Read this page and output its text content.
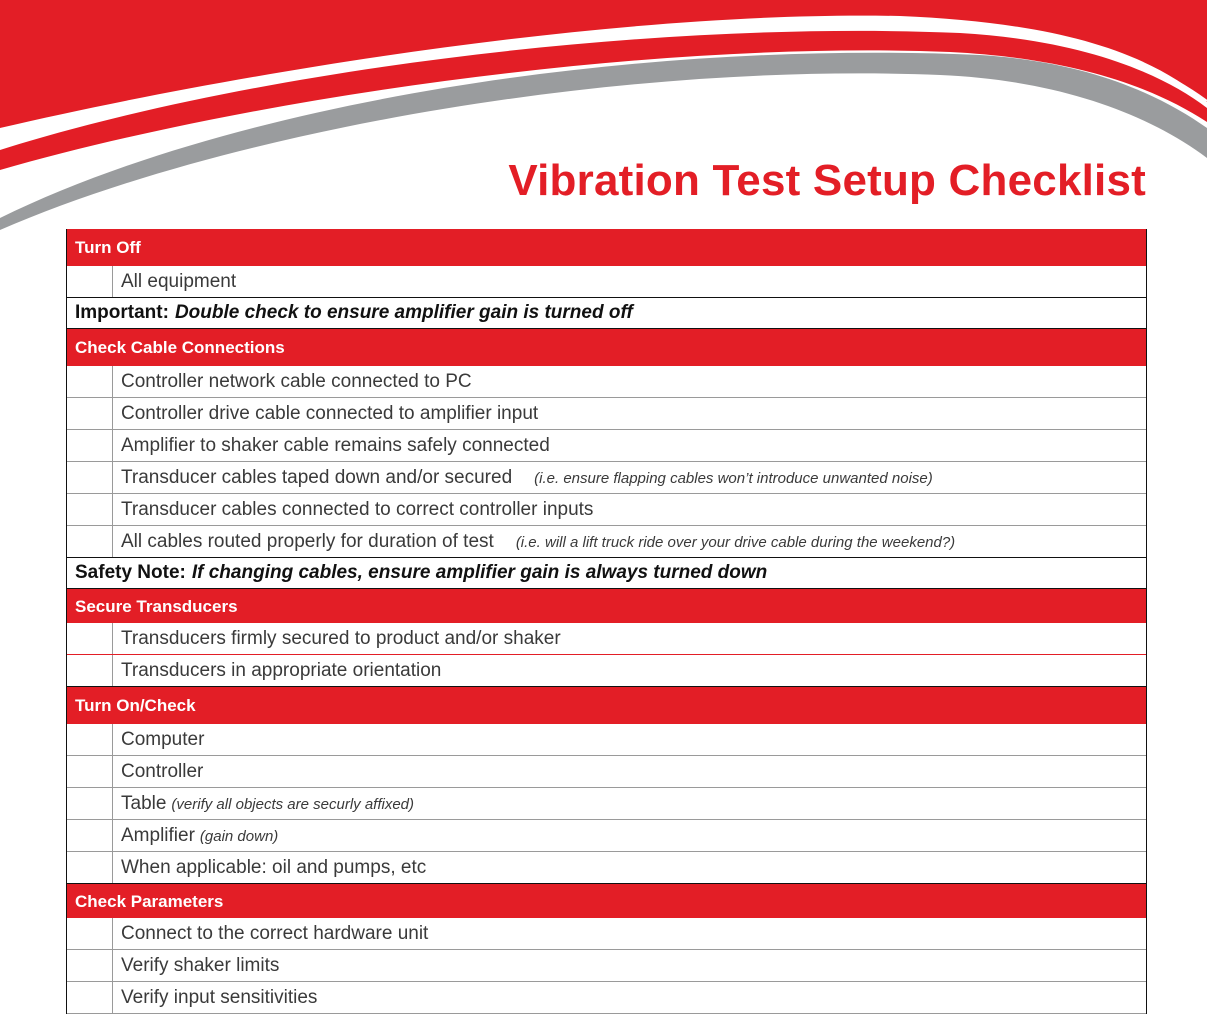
Vibration Test Setup Checklist
Turn Off
All equipment
Important: Double check to ensure amplifier gain is turned off
Check Cable Connections
Controller network cable connected to PC
Controller drive cable connected to amplifier input
Amplifier to shaker cable remains safely connected
Transducer cables taped down and/or secured (i.e. ensure flapping cables won’t introduce unwanted noise)
Transducer cables connected to correct controller inputs
All cables routed properly for duration of test (i.e. will a lift truck ride over your drive cable during the weekend?)
Safety Note: If changing cables, ensure amplifier gain is always turned down
Secure Transducers
Transducers firmly secured to product and/or shaker
Transducers in appropriate orientation
Turn On/Check
Computer
Controller
Table (verify all objects are securly affixed)
Amplifier (gain down)
When applicable: oil and pumps, etc
Check Parameters
Connect to the correct hardware unit
Verify shaker limits
Verify input sensitivities
